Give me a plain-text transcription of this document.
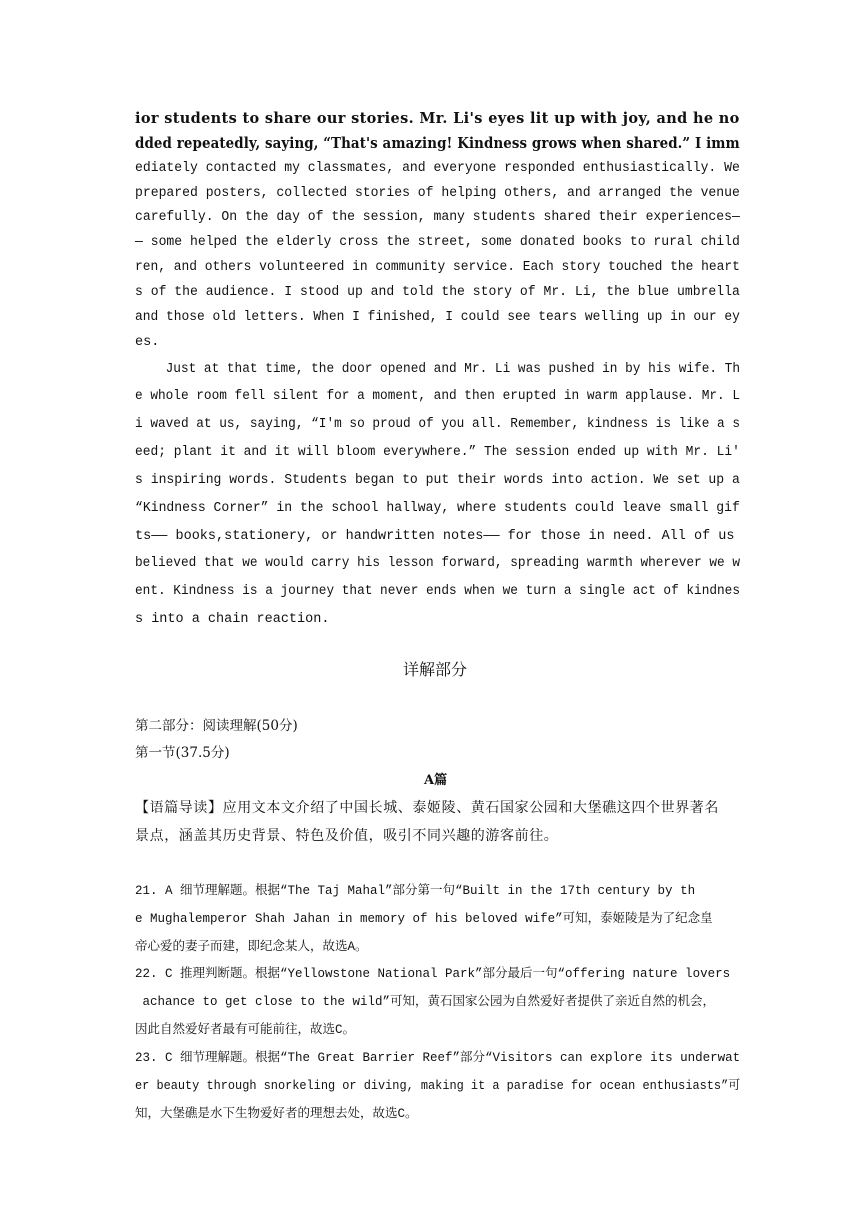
ior students to share our stories. Mr. Li's eyes lit up with joy, and he no
dded repeatedly, saying, “That's amazing! Kindness grows when shared.” I imm
ediately contacted my classmates, and everyone responded enthusiastically. We
prepared posters, collected stories of helping others, and arranged the venue
carefully. On the day of the session, many students shared their experiences—
— some helped the elderly cross the street, some donated books to rural child
ren, and others volunteered in community service. Each story touched the heart
s of the audience. I stood up and told the story of Mr. Li, the blue umbrella
and those old letters. When I finished, I could see tears welling up in our ey
es.
Just at that time, the door opened and Mr. Li was pushed in by his wife. Th
e whole room fell silent for a moment, and then erupted in warm applause. Mr. L
i waved at us, saying, “I'm so proud of you all. Remember, kindness is like a s
eed; plant it and it will bloom everywhere.” The session ended up with Mr. Li'
s inspiring words. Students began to put their words into action. We set up a
“Kindness Corner” in the school hallway, where students could leave small gif
ts—— books,stationery, or handwritten notes—— for those in need. All of us
believed that we would carry his lesson forward, spreading warmth wherever we w
ent. Kindness is a journey that never ends when we turn a single act of kindnes
s into a chain reaction.
详解部分
第二部分：阅读理解(50分)
第一节(37.5分)
A篇
【语篇导读】应用文本文介绍了中国长城、泰姬陵、黄石国家公园和大堡礁这四个世界著名
景点，涵盖其历史背景、特色及价值，吸引不同兴趣的游客前往。
21. A 细节理解题。根据“The Taj Mahal”部分第一句“Built in the 17th century by th
e Mughalemperor Shah Jahan in memory of his beloved wife”可知，泰姬陵是为了纪念皇
帝心爱的妻子而建，即纪念某人，故选A。
22. C 推理判断题。根据“Yellowstone National Park”部分最后一句“offering nature lovers
achance to get close to the wild”可知，黄石国家公园为自然爱好者提供了亲近自然的机会，
因此自然爱好者最有可能前往，故选C。
23. C 细节理解题。根据“The Great Barrier Reef”部分“Visitors can explore its underwat
er beauty through snorkeling or diving, making it a paradise for ocean enthusiasts”可
知，大堡礁是水下生物爱好者的理想去处，故选C。
